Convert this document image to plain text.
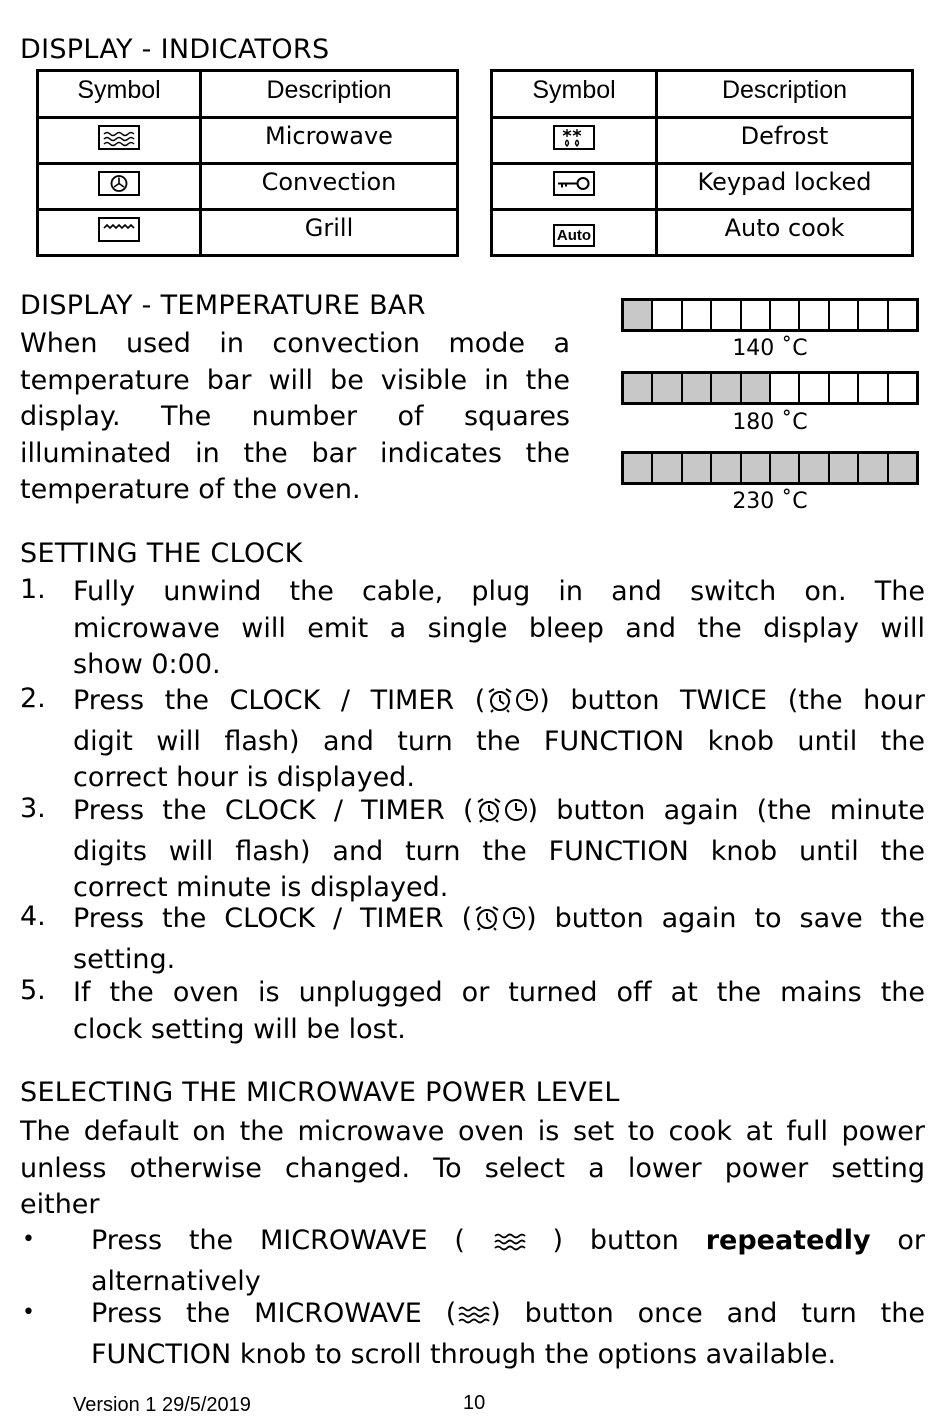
DISPLAY - INDICATORS
Symbol	Description
	Microwave
	Convection
	Grill
Symbol	Description
	Defrost
	Keypad locked
Auto	Auto cook
DISPLAY - TEMPERATURE BAR
When used in convection mode a
temperature bar will be visible in the
display. The number of squares
illuminated in the bar indicates the
temperature of the oven.
140 ˚C
180 ˚C
230 ˚C
SETTING THE CLOCK
1. Fully unwind the cable, plug in and switch on. The
microwave will emit a single bleep and the display will
show 0:00.
2. Press the CLOCK / TIMER ( ) button TWICE (the hour
digit will flash) and turn the FUNCTION knob until the
correct hour is displayed.
3. Press the CLOCK / TIMER ( ) button again (the minute
digits will flash) and turn the FUNCTION knob until the
correct minute is displayed.
4. Press the CLOCK / TIMER ( ) button again to save the
setting.
5. If the oven is unplugged or turned off at the mains the
clock setting will be lost.
SELECTING THE MICROWAVE POWER LEVEL
The default on the microwave oven is set to cook at full power
unless otherwise changed. To select a lower power setting
either
• Press the MICROWAVE (  ) button repeatedly or
alternatively
• Press the MICROWAVE ( ) button once and turn the
FUNCTION knob to scroll through the options available.
Version 1 29/5/2019	10
